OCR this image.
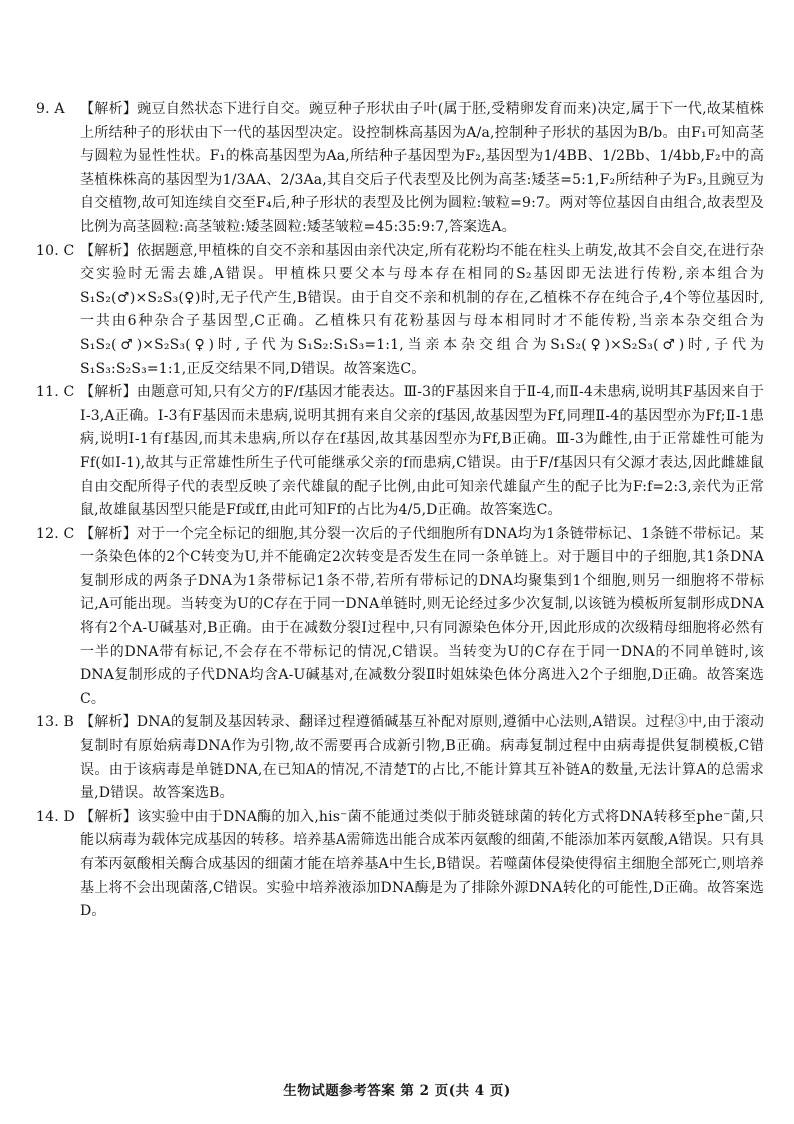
9. A	【解析】豌豆自然状态下进行自交。豌豆种子形状由子叶(属于胚,受精卵发育而来)决定,属于下一代,故某植株上所结种子的形状由下一代的基因型决定。设控制株高基因为A/a,控制种子形状的基因为B/b。由F₁可知高茎与圆粒为显性性状。F₁的株高基因型为Aa,所结种子基因型为F₂,基因型为1/4BB、1/2Bb、1/4bb,F₂中的高茎植株株高的基因型为1/3AA、2/3Aa,其自交后子代表型及比例为高茎:矮茎=5:1,F₂所结种子为F₃,且豌豆为自交植物,故可知连续自交至F₄后,种子形状的表型及比例为圆粒:皱粒=9:7。两对等位基因自由组合,故表型及比例为高茎圆粒:高茎皱粒:矮茎圆粒:矮茎皱粒=45:35:9:7,答案选A。
10. C 【解析】依据题意,甲植株的自交不亲和基因由亲代决定,所有花粉均不能在柱头上萌发,故其不会自交,在进行杂交实验时无需去雄,A错误。甲植株只要父本与母本存在相同的S₂基因即无法进行传粉,亲本组合为S₁S₂(♂)×S₂S₃(♀)时,无子代产生,B错误。由于自交不亲和机制的存在,乙植株不存在纯合子,4个等位基因时,一共由6种杂合子基因型,C正确。乙植株只有花粉基因与母本相同时才不能传粉,当亲本杂交组合为S₁S₂(♂)×S₂S₃(♀)时,子代为S₁S₂:S₁S₃=1:1,当亲本杂交组合为S₁S₂(♀)×S₂S₃(♂)时,子代为S₁S₃:S₂S₃=1:1,正反交结果不同,D错误。故答案选C。
11. C 【解析】由题意可知,只有父方的F/f基因才能表达。Ⅲ-3的F基因来自于Ⅱ-4,而Ⅱ-4未患病,说明其F基因来自于Ⅰ-3,A正确。Ⅰ-3有F基因而未患病,说明其拥有来自父亲的f基因,故基因型为Ff,同理Ⅱ-4的基因型亦为Ff;Ⅱ-1患病,说明Ⅰ-1有f基因,而其未患病,所以存在f基因,故其基因型亦为Ff,B正确。Ⅲ-3为雌性,由于正常雄性可能为Ff(如Ⅰ-1),故其与正常雄性所生子代可能继承父亲的f而患病,C错误。由于F/f基因只有父源才表达,因此雌雄鼠自由交配所得子代的表型反映了亲代雄鼠的配子比例,由此可知亲代雄鼠产生的配子比为F:f=2:3,亲代为正常鼠,故雄鼠基因型只能是Ff或ff,由此可知Ff的占比为4/5,D正确。故答案选C。
12. C 【解析】对于一个完全标记的细胞,其分裂一次后的子代细胞所有DNA均为1条链带标记、1条链不带标记。某一条染色体的2个C转变为U,并不能确定2次转变是否发生在同一条单链上。对于题目中的子细胞,其1条DNA复制形成的两条子DNA为1条带标记1条不带,若所有带标记的DNA均聚集到1个细胞,则另一细胞将不带标记,A可能出现。当转变为U的C存在于同一DNA单链时,则无论经过多少次复制,以该链为模板所复制形成DNA将有2个A-U碱基对,B正确。由于在减数分裂Ⅰ过程中,只有同源染色体分开,因此形成的次级精母细胞将必然有一半的DNA带有标记,不会存在不带标记的情况,C错误。当转变为U的C存在于同一DNA的不同单链时,该DNA复制形成的子代DNA均含A-U碱基对,在减数分裂Ⅱ时姐妹染色体分离进入2个子细胞,D正确。故答案选C。
13. B 【解析】DNA的复制及基因转录、翻译过程遵循碱基互补配对原则,遵循中心法则,A错误。过程③中,由于滚动复制时有原始病毒DNA作为引物,故不需要再合成新引物,B正确。病毒复制过程中由病毒提供复制模板,C错误。由于该病毒是单链DNA,在已知A的情况,不清楚T的占比,不能计算其互补链A的数量,无法计算A的总需求量,D错误。故答案选B。
14. D 【解析】该实验中由于DNA酶的加入,his⁻菌不能通过类似于肺炎链球菌的转化方式将DNA转移至phe⁻菌,只能以病毒为载体完成基因的转移。培养基A需筛选出能合成苯丙氨酸的细菌,不能添加苯丙氨酸,A错误。只有具有苯丙氨酸相关酶合成基因的细菌才能在培养基A中生长,B错误。若噬菌体侵染使得宿主细胞全部死亡,则培养基上将不会出现菌落,C错误。实验中培养液添加DNA酶是为了排除外源DNA转化的可能性,D正确。故答案选D。
生物试题参考答案 第 2 页(共 4 页)
